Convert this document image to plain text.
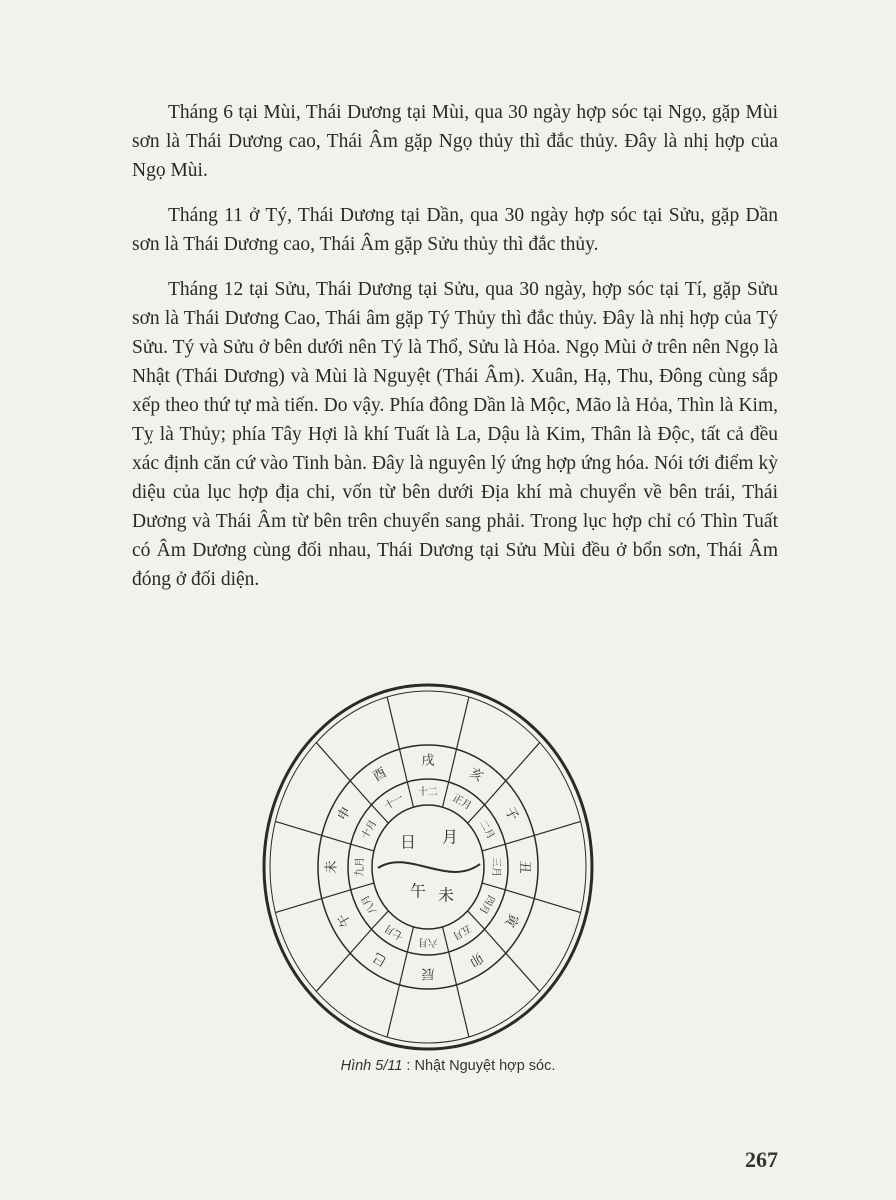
Tháng 6 tại Mùi, Thái Dương tại Mùi, qua 30 ngày hợp sóc tại Ngọ, gặp Mùi sơn là Thái Dương cao, Thái Âm gặp Ngọ thủy thì đắc thủy. Đây là nhị hợp của Ngọ Mùi.

Tháng 11 ở Tý, Thái Dương tại Dần, qua 30 ngày hợp sóc tại Sửu, gặp Dần sơn là Thái Dương cao, Thái Âm gặp Sửu thủy thì đắc thủy.

Tháng 12 tại Sửu, Thái Dương tại Sửu, qua 30 ngày, hợp sóc tại Tí, gặp Sửu sơn là Thái Dương Cao, Thái âm gặp Tý Thủy thì đắc thủy. Đây là nhị hợp của Tý Sửu. Tý và Sửu ở bên dưới nên Tý là Thổ, Sửu là Hỏa. Ngọ Mùi ở trên nên Ngọ là Nhật (Thái Dương) và Mùi là Nguyệt (Thái Âm). Xuân, Hạ, Thu, Đông cùng sắp xếp theo thứ tự mà tiến. Do vậy. Phía đông Dần là Mộc, Mão là Hỏa, Thìn là Kim, Tỵ là Thủy; phía Tây Hợi là khí Tuất là La, Dậu là Kim, Thân là Độc, tất cả đều xác định căn cứ vào Tinh bàn. Đây là nguyên lý ứng hợp ứng hóa. Nói tới điểm kỳ diệu của lục hợp địa chi, vốn từ bên dưới Địa khí mà chuyển về bên trái, Thái Dương và Thái Âm từ bên trên chuyển sang phải. Trong lục hợp chỉ có Thìn Tuất có Âm Dương cùng đối nhau, Thái Dương tại Sửu Mùi đều ở bổn sơn, Thái Âm đóng ở đối diện.

日 月
午 未
正月
二月
三月
四月
五月
六月
七月
八月
九月
十月
十一
十二
亥
子
丑
寅
卯
辰
巳
午
未
申
酉
戌
Hình 5/11 : Nhật Nguyệt hợp sóc.
267
